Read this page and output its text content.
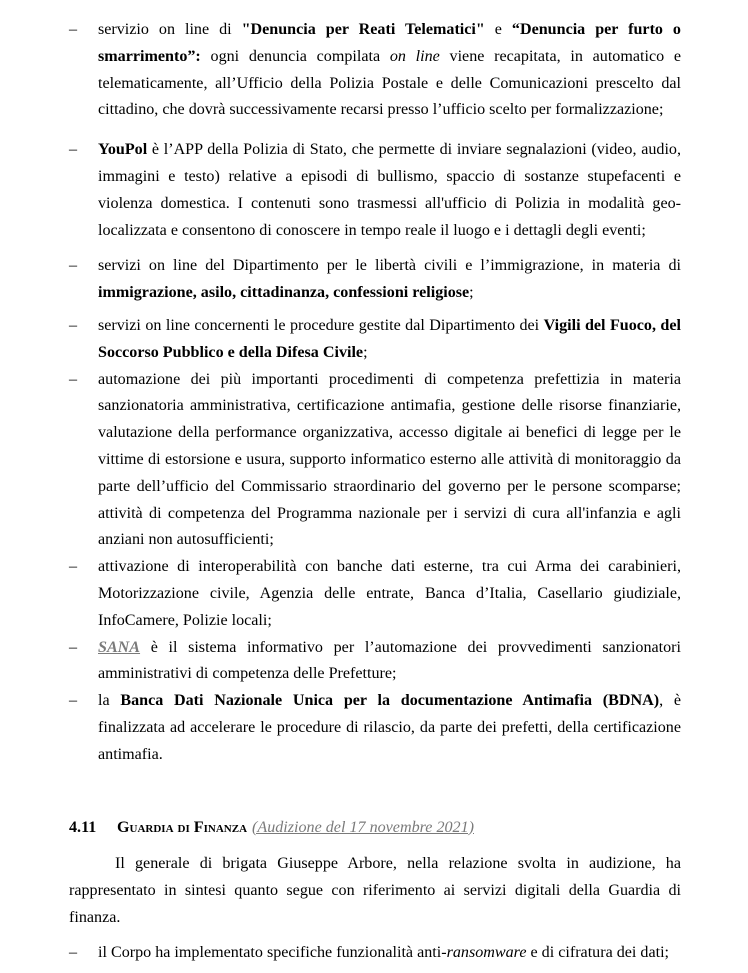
– servizio on line di "Denuncia per Reati Telematici" e “Denuncia per furto o smarrimento”: ogni denuncia compilata on line viene recapitata, in automatico e telematicamente, all’Ufficio della Polizia Postale e delle Comunicazioni prescelto dal cittadino, che dovrà successivamente recarsi presso l’ufficio scelto per formalizzazione;
– YouPol è l’APP della Polizia di Stato, che permette di inviare segnalazioni (video, audio, immagini e testo) relative a episodi di bullismo, spaccio di sostanze stupefacenti e violenza domestica. I contenuti sono trasmessi all'ufficio di Polizia in modalità geo-localizzata e consentono di conoscere in tempo reale il luogo e i dettagli degli eventi;
– servizi on line del Dipartimento per le libertà civili e l’immigrazione, in materia di immigrazione, asilo, cittadinanza, confessioni religiose;
– servizi on line concernenti le procedure gestite dal Dipartimento dei Vigili del Fuoco, del Soccorso Pubblico e della Difesa Civile;
– automazione dei più importanti procedimenti di competenza prefettizia in materia sanzionatoria amministrativa, certificazione antimafia, gestione delle risorse finanziarie, valutazione della performance organizzativa, accesso digitale ai benefici di legge per le vittime di estorsione e usura, supporto informatico esterno alle attività di monitoraggio da parte dell’ufficio del Commissario straordinario del governo per le persone scomparse; attività di competenza del Programma nazionale per i servizi di cura all'infanzia e agli anziani non autosufficienti;
– attivazione di interoperabilità con banche dati esterne, tra cui Arma dei carabinieri, Motorizzazione civile, Agenzia delle entrate, Banca d’Italia, Casellario giudiziale, InfoCamere, Polizie locali;
– SANA è il sistema informativo per l’automazione dei provvedimenti sanzionatori amministrativi di competenza delle Prefetture;
– la Banca Dati Nazionale Unica per la documentazione Antimafia (BDNA), è finalizzata ad accelerare le procedure di rilascio, da parte dei prefetti, della certificazione antimafia.
4.11	Guardia di Finanza (Audizione del 17 novembre 2021)

Il generale di brigata Giuseppe Arbore, nella relazione svolta in audizione, ha rappresentato in sintesi quanto segue con riferimento ai servizi digitali della Guardia di finanza.

– il Corpo ha implementato specifiche funzionalità anti-ransomware e di cifratura dei dati;
